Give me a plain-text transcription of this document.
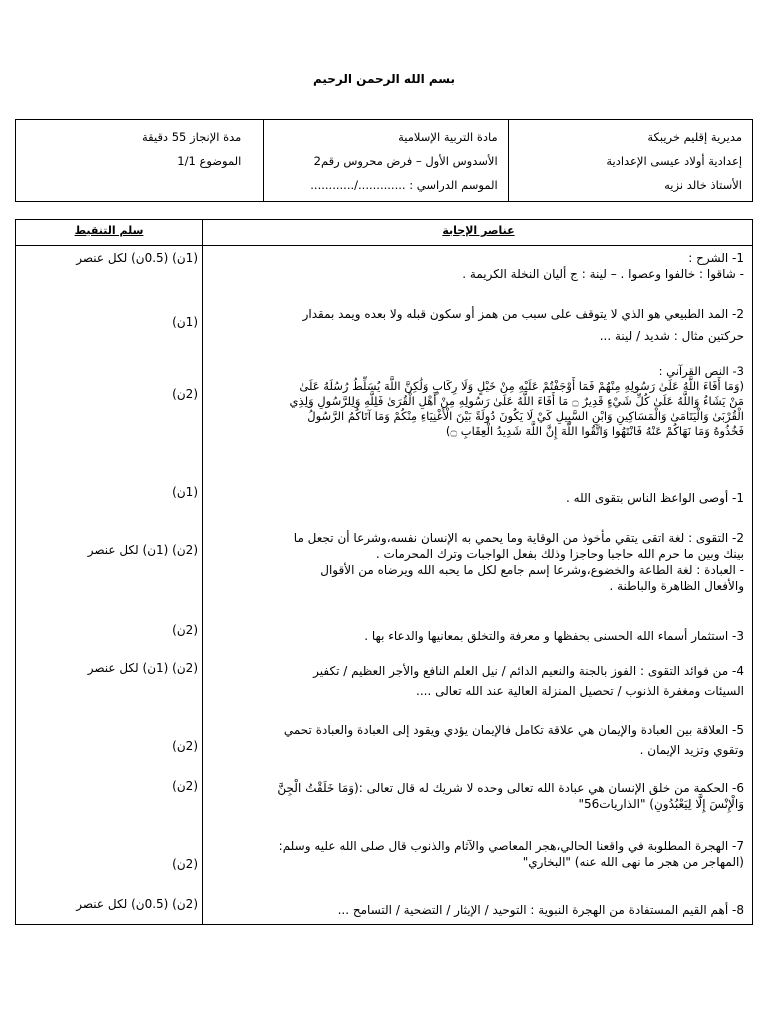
بسم الله الرحمن الرحيم
مدة الإنجاز 55 دقيقة
الموضوع 1/1
مادة التربية الإسلامية
الأسدوس الأول – فرض محروس رقم2
الموسم الدراسي : ............./............
مديرية إقليم خريبكة
إعدادية أولاد عيسى الإعدادية
الأستاذ خالد نزيه
سلم التنقيط	عناصر الإجابة
1- الشرح :
- شاقوا : خالفوا وعصوا . – لينة : ج أليان النخلة الكريمة .
(1ن) (0.5ن) لكل عنصر
2- المد الطبيعي هو الذي لا يتوقف على سبب من همز أو سكون قبله ولا بعده ويمد بمقدار
حركتين مثال : شديد / لينة ...
(1ن)
3- النص القرآني :
(وَمَا أَفَاءَ اللَّهُ عَلَىٰ رَسُولِهِ مِنْهُمْ فَمَا أَوْجَفْتُمْ عَلَيْهِ مِنْ خَيْلٍ وَلَا رِكَابٍ وَلَٰكِنَّ اللَّهَ يُسَلِّطُ رُسُلَهُ عَلَىٰ
مَنْ يَشَاءُ وَاللَّهُ عَلَىٰ كُلِّ شَيْءٍ قَدِيرٌ ۝ مَا أَفَاءَ اللَّهُ عَلَىٰ رَسُولِهِ مِنْ أَهْلِ الْقُرَىٰ فَلِلَّهِ وَلِلرَّسُولِ وَلِذِي
الْقُرْبَىٰ وَالْيَتَامَىٰ وَالْمَسَاكِينِ وَابْنِ السَّبِيلِ كَيْ لَا يَكُونَ دُولَةً بَيْنَ الْأَغْنِيَاءِ مِنْكُمْ وَمَا آتَاكُمُ الرَّسُولُ
فَخُذُوهُ وَمَا نَهَاكُمْ عَنْهُ فَانْتَهُوا وَاتَّقُوا اللَّهَ إِنَّ اللَّهَ شَدِيدُ الْعِقَابِ ۝)
(2ن)
1- أوصى الواعظ الناس بتقوى الله .
(1ن)
2- التقوى : لغة اتقى يتقي مأخوذ من الوقاية وما يحمي به الإنسان نفسه،وشرعا أن تجعل ما
بينك وبين ما حرم الله حاجبا وحاجزا وذلك بفعل الواجبات وترك المحرمات .
- العبادة : لغة الطاعة والخضوع،وشرعا إسم جامع لكل ما يحبه الله ويرضاه من الأقوال
والأفعال الظاهرة والباطنة .
(2ن) (1ن) لكل عنصر
3- استثمار أسماء الله الحسنى بحفظها و معرفة والتخلق بمعانيها والدعاء بها .
(2ن)
4- من فوائد التقوى : الفوز بالجنة والنعيم الدائم / نيل العلم النافع والأجر العظيم / تكفير
السيئات ومغفرة الذنوب / تحصيل المنزلة العالية عند الله تعالى ....
(2ن) (1ن) لكل عنصر
5- العلاقة بين العبادة والإيمان هي علاقة تكامل فالإيمان يؤدي ويقود إلى العبادة والعبادة تحمي
وتقوي وتزيد الإيمان .
(2ن)
6- الحكمة من خلق الإنسان هي عبادة الله تعالى وحده لا شريك له قال تعالى :(وَمَا خَلَقْتُ الْجِنَّ
وَالْإِنْسَ إِلَّا لِيَعْبُدُونِ) "الذاريات56"
(2ن)
7- الهجرة المطلوبة في واقعنا الحالي،هجر المعاصي والآثام والذنوب قال صلى الله عليه وسلم:
(المهاجر من هجر ما نهى الله عنه) "البخاري"
(2ن)
8- أهم القيم المستفادة من الهجرة النبوية : التوحيد / الإيثار / التضحية / التسامح ...
(2ن) (0.5ن) لكل عنصر
